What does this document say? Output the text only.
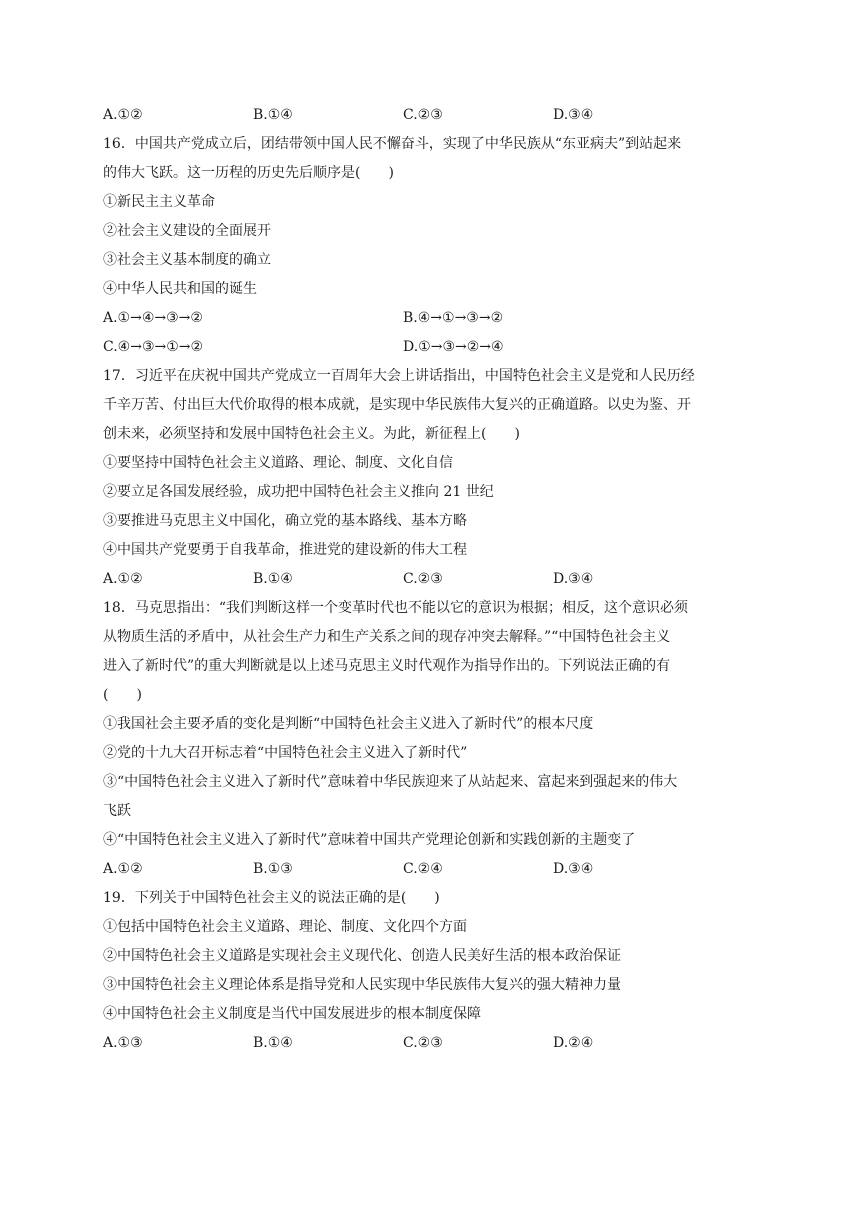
A.①②	B.①④	C.②③	D.③④
16．中国共产党成立后，团结带领中国人民不懈奋斗，实现了中华民族从“东亚病夫”到站起来
的伟大飞跃。这一历程的历史先后顺序是(　　)
①新民主主义革命
②社会主义建设的全面展开
③社会主义基本制度的确立
④中华人民共和国的诞生
A.①→④→③→②	B.④→①→③→②
C.④→③→①→②	D.①→③→②→④
17．习近平在庆祝中国共产党成立一百周年大会上讲话指出，中国特色社会主义是党和人民历经
千辛万苦、付出巨大代价取得的根本成就，是实现中华民族伟大复兴的正确道路。以史为鉴、开
创未来，必须坚持和发展中国特色社会主义。为此，新征程上(　　)
①要坚持中国特色社会主义道路、理论、制度、文化自信
②要立足各国发展经验，成功把中国特色社会主义推向 21 世纪
③要推进马克思主义中国化，确立党的基本路线、基本方略
④中国共产党要勇于自我革命，推进党的建设新的伟大工程
A.①②	B.①④	C.②③	D.③④
18．马克思指出：“我们判断这样一个变革时代也不能以它的意识为根据；相反，这个意识必须
从物质生活的矛盾中，从社会生产力和生产关系之间的现存冲突去解释。”“中国特色社会主义
进入了新时代”的重大判断就是以上述马克思主义时代观作为指导作出的。下列说法正确的有
(　　)
①我国社会主要矛盾的变化是判断“中国特色社会主义进入了新时代”的根本尺度
②党的十九大召开标志着“中国特色社会主义进入了新时代”
③“中国特色社会主义进入了新时代”意味着中华民族迎来了从站起来、富起来到强起来的伟大
飞跃
④“中国特色社会主义进入了新时代”意味着中国共产党理论创新和实践创新的主题变了
A.①②	B.①③	C.②④	D.③④
19．下列关于中国特色社会主义的说法正确的是(　　)
①包括中国特色社会主义道路、理论、制度、文化四个方面
②中国特色社会主义道路是实现社会主义现代化、创造人民美好生活的根本政治保证
③中国特色社会主义理论体系是指导党和人民实现中华民族伟大复兴的强大精神力量
④中国特色社会主义制度是当代中国发展进步的根本制度保障
A.①③	B.①④	C.②③	D.②④
